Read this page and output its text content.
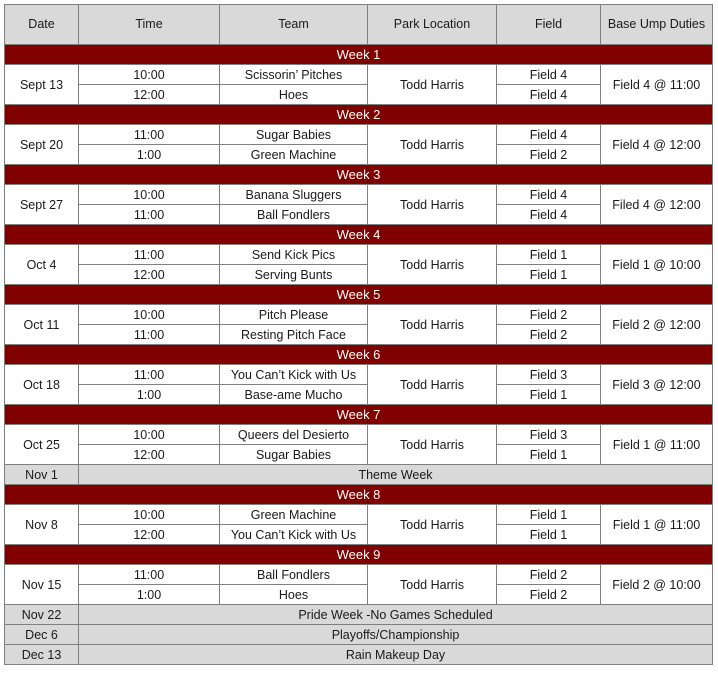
Date	Time	Team	Park Location	Field	Base Ump Duties
Week 1					
Sept 13	10:00	Scissorin’ Pitches	Todd Harris	Field 4	Field 4 @ 11:00
	12:00	Hoes		Field 4	
Week 2					
Sept 20	11:00	Sugar Babies	Todd Harris	Field 4	Field 4 @ 12:00
	1:00	Green Machine		Field 2	
Week 3					
Sept 27	10:00	Banana Sluggers	Todd Harris	Field 4	Filed 4 @ 12:00
	11:00	Ball Fondlers		Field 4	
Week 4					
Oct 4	11:00	Send Kick Pics	Todd Harris	Field 1	Field 1 @ 10:00
	12:00	Serving Bunts		Field 1	
Week 5					
Oct 11	10:00	Pitch Please	Todd Harris	Field 2	Field 2 @ 12:00
	11:00	Resting Pitch Face		Field 2	
Week 6					
Oct 18	11:00	You Can’t Kick with Us	Todd Harris	Field 3	Field 3 @ 12:00
	1:00	Base-ame Mucho		Field 1	
Week 7					
Oct 25	10:00	Queers del Desierto	Todd Harris	Field 3	Field 1 @ 11:00
	12:00	Sugar Babies		Field 1	
Nov 1	Theme Week				
Week 8					
Nov 8	10:00	Green Machine	Todd Harris	Field 1	Field 1 @ 11:00
	12:00	You Can’t Kick with Us		Field 1	
Week 9					
Nov 15	11:00	Ball Fondlers	Todd Harris	Field 2	Field 2 @ 10:00
	1:00	Hoes		Field 2	
Nov 22	Pride Week -No Games Scheduled				
Dec 6	Playoffs/Championship				
Dec 13	Rain Makeup Day				
